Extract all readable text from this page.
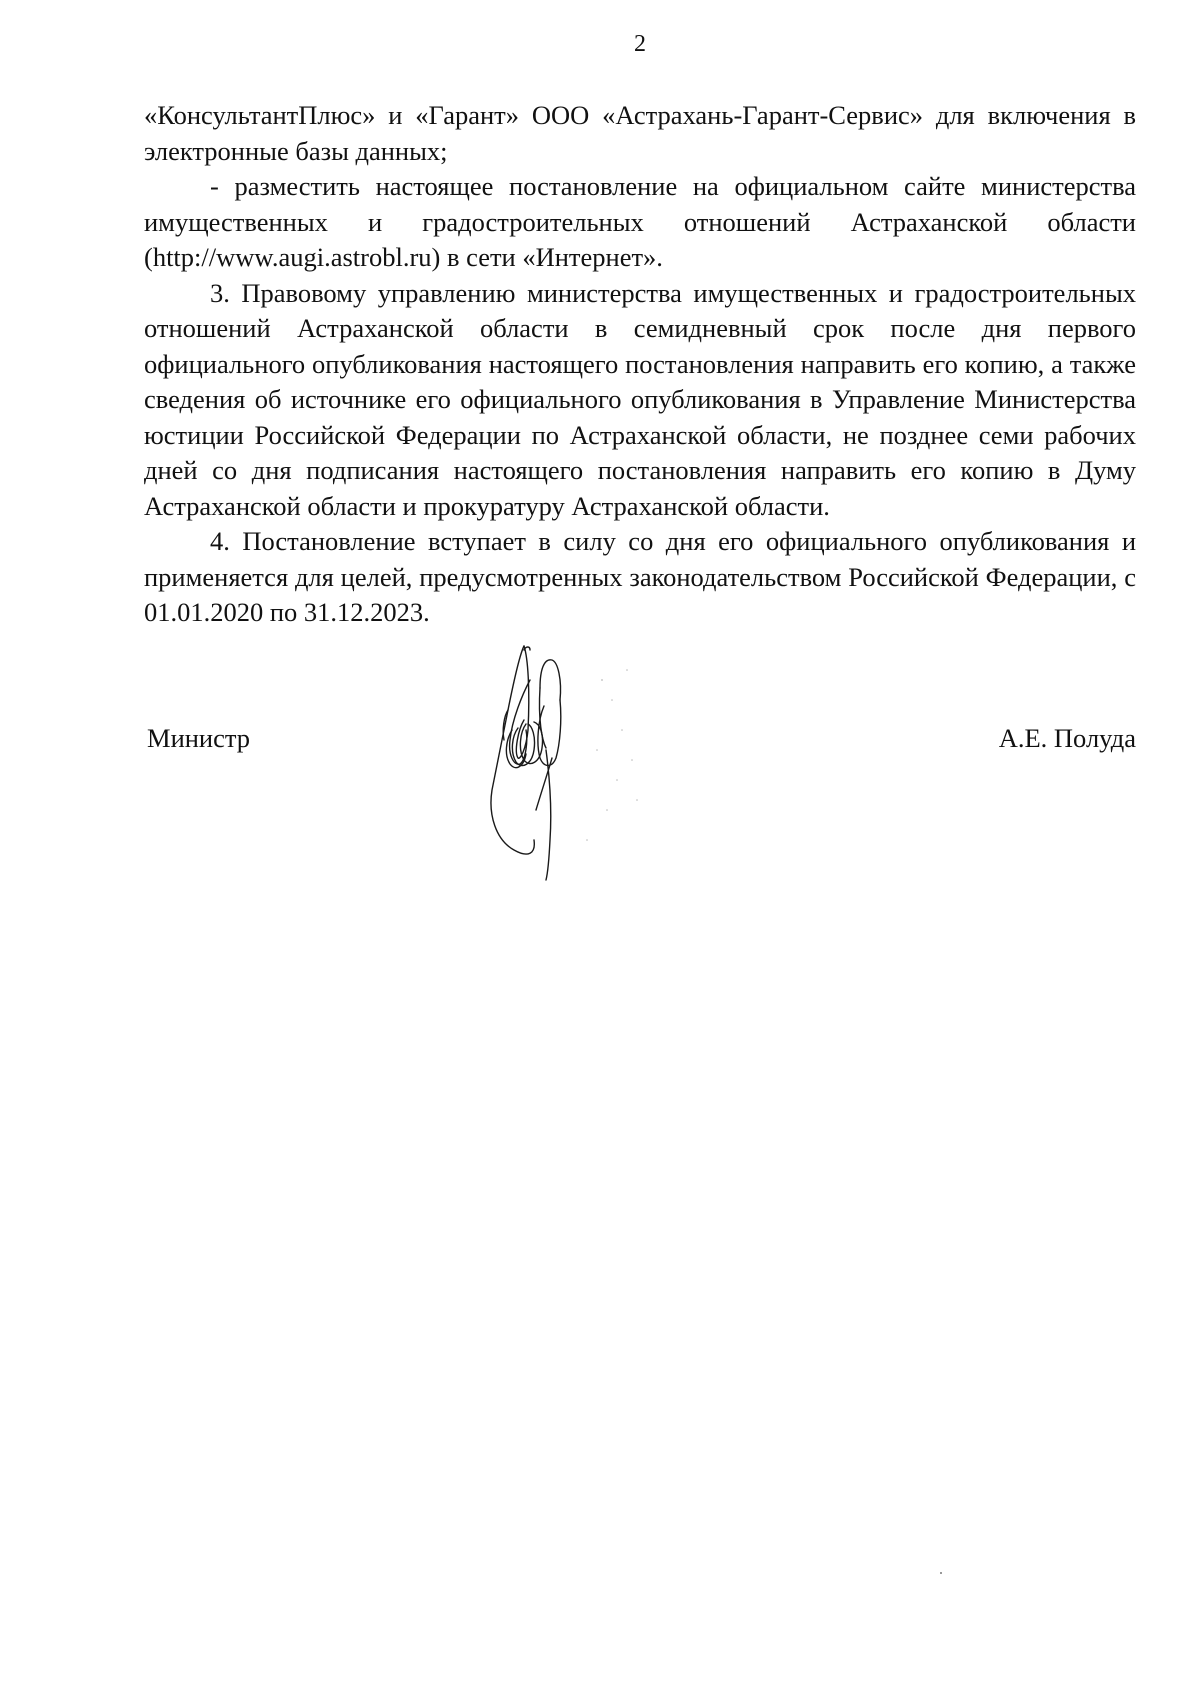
2

«КонсультантПлюс» и «Гарант» ООО «Астрахань-Гарант-Сервис» для включения в электронные базы данных;

- разместить настоящее постановление на официальном сайте министерства имущественных и градостроительных отношений Астраханской области (http://www.augi.astrobl.ru) в сети «Интернет».

3. Правовому управлению министерства имущественных и градостроительных отношений Астраханской области в семидневный срок после дня первого официального опубликования настоящего постановления направить его копию, а также сведения об источнике его официального опубликования в Управление Министерства юстиции Российской Федерации по Астраханской области, не позднее семи рабочих дней со дня подписания настоящего постановления направить его копию в Думу Астраханской области и прокуратуру Астраханской области.

4. Постановление вступает в силу со дня его официального опубликования и применяется для целей, предусмотренных законодательством Российской Федерации, с 01.01.2020 по 31.12.2023.

Министр	А.Е. Полуда
